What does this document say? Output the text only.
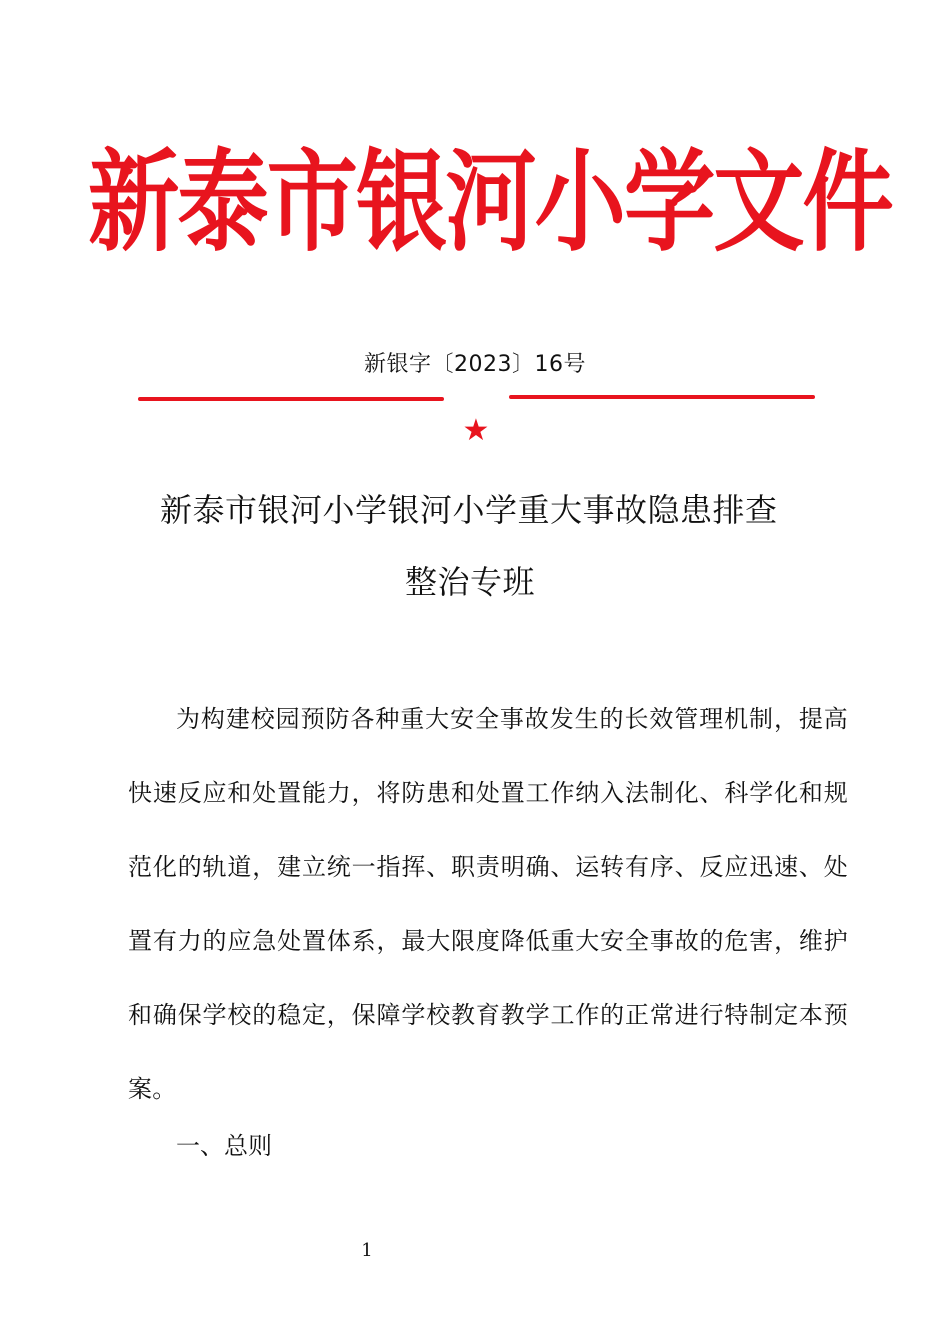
新泰市银河小学文件
新银字〔2023〕16号
★
新泰市银河小学银河小学重大事故隐患排查
整治专班
为构建校园预防各种重大安全事故发生的长效管理机制，提高快速反应和处置能力，将防患和处置工作纳入法制化、科学化和规范化的轨道，建立统一指挥、职责明确、运转有序、反应迅速、处置有力的应急处置体系，最大限度降低重大安全事故的危害，维护和确保学校的稳定，保障学校教育教学工作的正常进行特制定本预案。
一、总则
1
